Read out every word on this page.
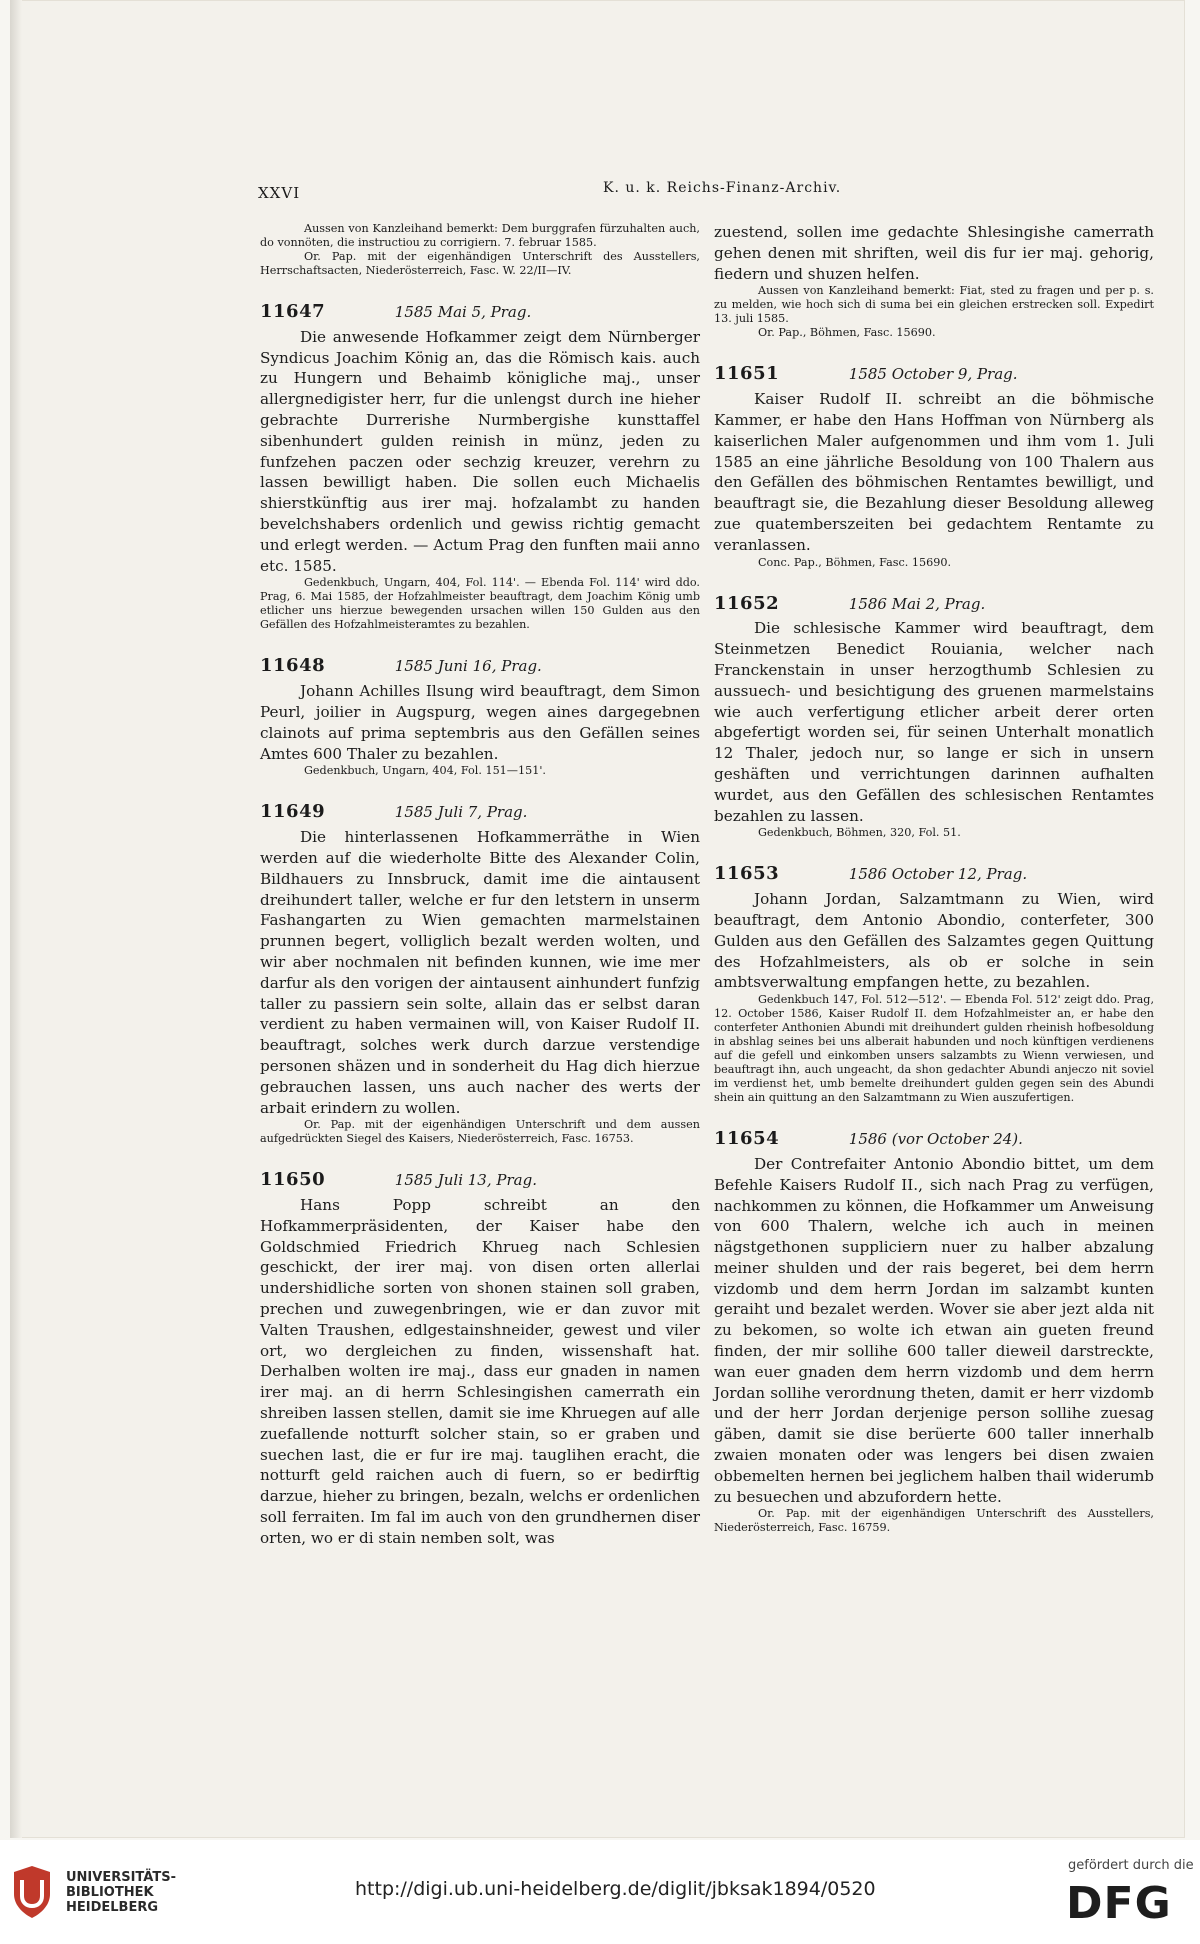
XXVI	K. u. k. Reichs-Finanz-Archiv.

Aussen von Kanzleihand bemerkt: Dem burggrafen fürzuhalten auch, do vonnöten, die instructiou zu corrigiern. 7. februar 1585.

Or. Pap. mit der eigenhändigen Unterschrift des Ausstellers, Herrschaftsacten, Niederösterreich, Fasc. W. 22/II—IV.

11647	1585 Mai 5, Prag.

Die anwesende Hofkammer zeigt dem Nürnberger Syndicus Joachim König an, das die Römisch kais. auch zu Hungern und Behaimb königliche maj., unser allergnedigister herr, fur die unlengst durch ine hieher gebrachte Durrerishe Nurmbergishe kunsttaffel sibenhundert gulden reinish in münz, jeden zu funfzehen paczen oder sechzig kreuzer, verehrn zu lassen bewilligt haben. Die sollen euch Michaelis shierstkünftig aus irer maj. hofzalambt zu handen bevelchshabers ordenlich und gewiss richtig gemacht und erlegt werden. — Actum Prag den funften maii anno etc. 1585.

Gedenkbuch, Ungarn, 404, Fol. 114'. — Ebenda Fol. 114' wird ddo. Prag, 6. Mai 1585, der Hofzahlmeister beauftragt, dem Joachim König umb etlicher uns hierzue bewegenden ursachen willen 150 Gulden aus den Gefällen des Hofzahlmeisteramtes zu bezahlen.

11648	1585 Juni 16, Prag.

Johann Achilles Ilsung wird beauftragt, dem Simon Peurl, joilier in Augspurg, wegen aines dargegebnen clainots auf prima septembris aus den Gefällen seines Amtes 600 Thaler zu bezahlen.

Gedenkbuch, Ungarn, 404, Fol. 151—151'.

11649	1585 Juli 7, Prag.

Die hinterlassenen Hofkammerräthe in Wien werden auf die wiederholte Bitte des Alexander Colin, Bildhauers zu Innsbruck, damit ime die aintausent dreihundert taller, welche er fur den letstern in unserm Fashangarten zu Wien gemachten marmelstainen prunnen begert, volliglich bezalt werden wolten, und wir aber nochmalen nit befinden kunnen, wie ime mer darfur als den vorigen der aintausent ainhundert funfzig taller zu passiern sein solte, allain das er selbst daran verdient zu haben vermainen will, von Kaiser Rudolf II. beauftragt, solches werk durch darzue verstendige personen shäzen und in sonderheit du Hag dich hierzue gebrauchen lassen, uns auch nacher des werts der arbait erindern zu wollen.

Or. Pap. mit der eigenhändigen Unterschrift und dem aussen aufgedrückten Siegel des Kaisers, Niederösterreich, Fasc. 16753.

11650	1585 Juli 13, Prag.

Hans Popp schreibt an den Hofkammerpräsidenten, der Kaiser habe den Goldschmied Friedrich Khrueg nach Schlesien geschickt, der irer maj. von disen orten allerlai undershidliche sorten von shonen stainen soll graben, prechen und zuwegenbringen, wie er dan zuvor mit Valten Traushen, edlgestainshneider, gewest und viler ort, wo dergleichen zu finden, wissenshaft hat. Derhalben wolten ire maj., dass eur gnaden in namen irer maj. an di herrn Schlesingishen camerrath ein shreiben lassen stellen, damit sie ime Khruegen auf alle zuefallende notturft solcher stain, so er graben und suechen last, die er fur ire maj. tauglihen eracht, die notturft geld raichen auch di fuern, so er bedirftig darzue, hieher zu bringen, bezaln, welchs er ordenlichen soll ferraiten. Im fal im auch von den grundhernen diser orten, wo er di stain nemben solt, was

zuestend, sollen ime gedachte Shlesingishe camerrath gehen denen mit shriften, weil dis fur ier maj. gehorig, fiedern und shuzen helfen.

Aussen von Kanzleihand bemerkt: Fiat, sted zu fragen und per p. s. zu melden, wie hoch sich di suma bei ein gleichen erstrecken soll. Expedirt 13. juli 1585.

Or. Pap., Böhmen, Fasc. 15690.

11651	1585 October 9, Prag.

Kaiser Rudolf II. schreibt an die böhmische Kammer, er habe den Hans Hoffman von Nürnberg als kaiserlichen Maler aufgenommen und ihm vom 1. Juli 1585 an eine jährliche Besoldung von 100 Thalern aus den Gefällen des böhmischen Rentamtes bewilligt, und beauftragt sie, die Bezahlung dieser Besoldung alleweg zue quatemberszeiten bei gedachtem Rentamte zu veranlassen.

Conc. Pap., Böhmen, Fasc. 15690.

11652	1586 Mai 2, Prag.

Die schlesische Kammer wird beauftragt, dem Steinmetzen Benedict Rouiania, welcher nach Franckenstain in unser herzogthumb Schlesien zu aussuech- und besichtigung des gruenen marmelstains wie auch verfertigung etlicher arbeit derer orten abgefertigt worden sei, für seinen Unterhalt monatlich 12 Thaler, jedoch nur, so lange er sich in unsern geshäften und verrichtungen darinnen aufhalten wurdet, aus den Gefällen des schlesischen Rentamtes bezahlen zu lassen.

Gedenkbuch, Böhmen, 320, Fol. 51.

11653	1586 October 12, Prag.

Johann Jordan, Salzamtmann zu Wien, wird beauftragt, dem Antonio Abondio, conterfeter, 300 Gulden aus den Gefällen des Salzamtes gegen Quittung des Hofzahlmeisters, als ob er solche in sein ambtsverwaltung empfangen hette, zu bezahlen.

Gedenkbuch 147, Fol. 512—512'. — Ebenda Fol. 512' zeigt ddo. Prag, 12. October 1586, Kaiser Rudolf II. dem Hofzahlmeister an, er habe den conterfeter Anthonien Abundi mit dreihundert gulden rheinish hofbesoldung in abshlag seines bei uns alberait habunden und noch künftigen verdienens auf die gefell und einkomben unsers salzambts zu Wienn verwiesen, und beauftragt ihn, auch ungeacht, da shon gedachter Abundi anjeczo nit soviel im verdienst het, umb bemelte dreihundert gulden gegen sein des Abundi shein ain quittung an den Salzamtmann zu Wien auszufertigen.

11654	1586 (vor October 24).

Der Contrefaiter Antonio Abondio bittet, um dem Befehle Kaisers Rudolf II., sich nach Prag zu verfügen, nachkommen zu können, die Hofkammer um Anweisung von 600 Thalern, welche ich auch in meinen nägstgethonen suppliciern nuer zu halber abzalung meiner shulden und der rais begeret, bei dem herrn vizdomb und dem herrn Jordan im salzambt kunten geraiht und bezalet werden. Wover sie aber jezt alda nit zu bekomen, so wolte ich etwan ain gueten freund finden, der mir sollihe 600 taller dieweil darstreckte, wan euer gnaden dem herrn vizdomb und dem herrn Jordan sollihe verordnung theten, damit er herr vizdomb und der herr Jordan derjenige person sollihe zuesag gäben, damit sie dise berüerte 600 taller innerhalb zwaien monaten oder was lengers bei disen zwaien obbemelten hernen bei jeglichem halben thail widerumb zu besuechen und abzufordern hette.

Or. Pap. mit der eigenhändigen Unterschrift des Ausstellers, Niederösterreich, Fasc. 16759.

UNIVERSITÄTS-BIBLIOTHEK HEIDELBERG
http://digi.ub.uni-heidelberg.de/diglit/jbksak1894/0520
gefördert durch die
DFG
